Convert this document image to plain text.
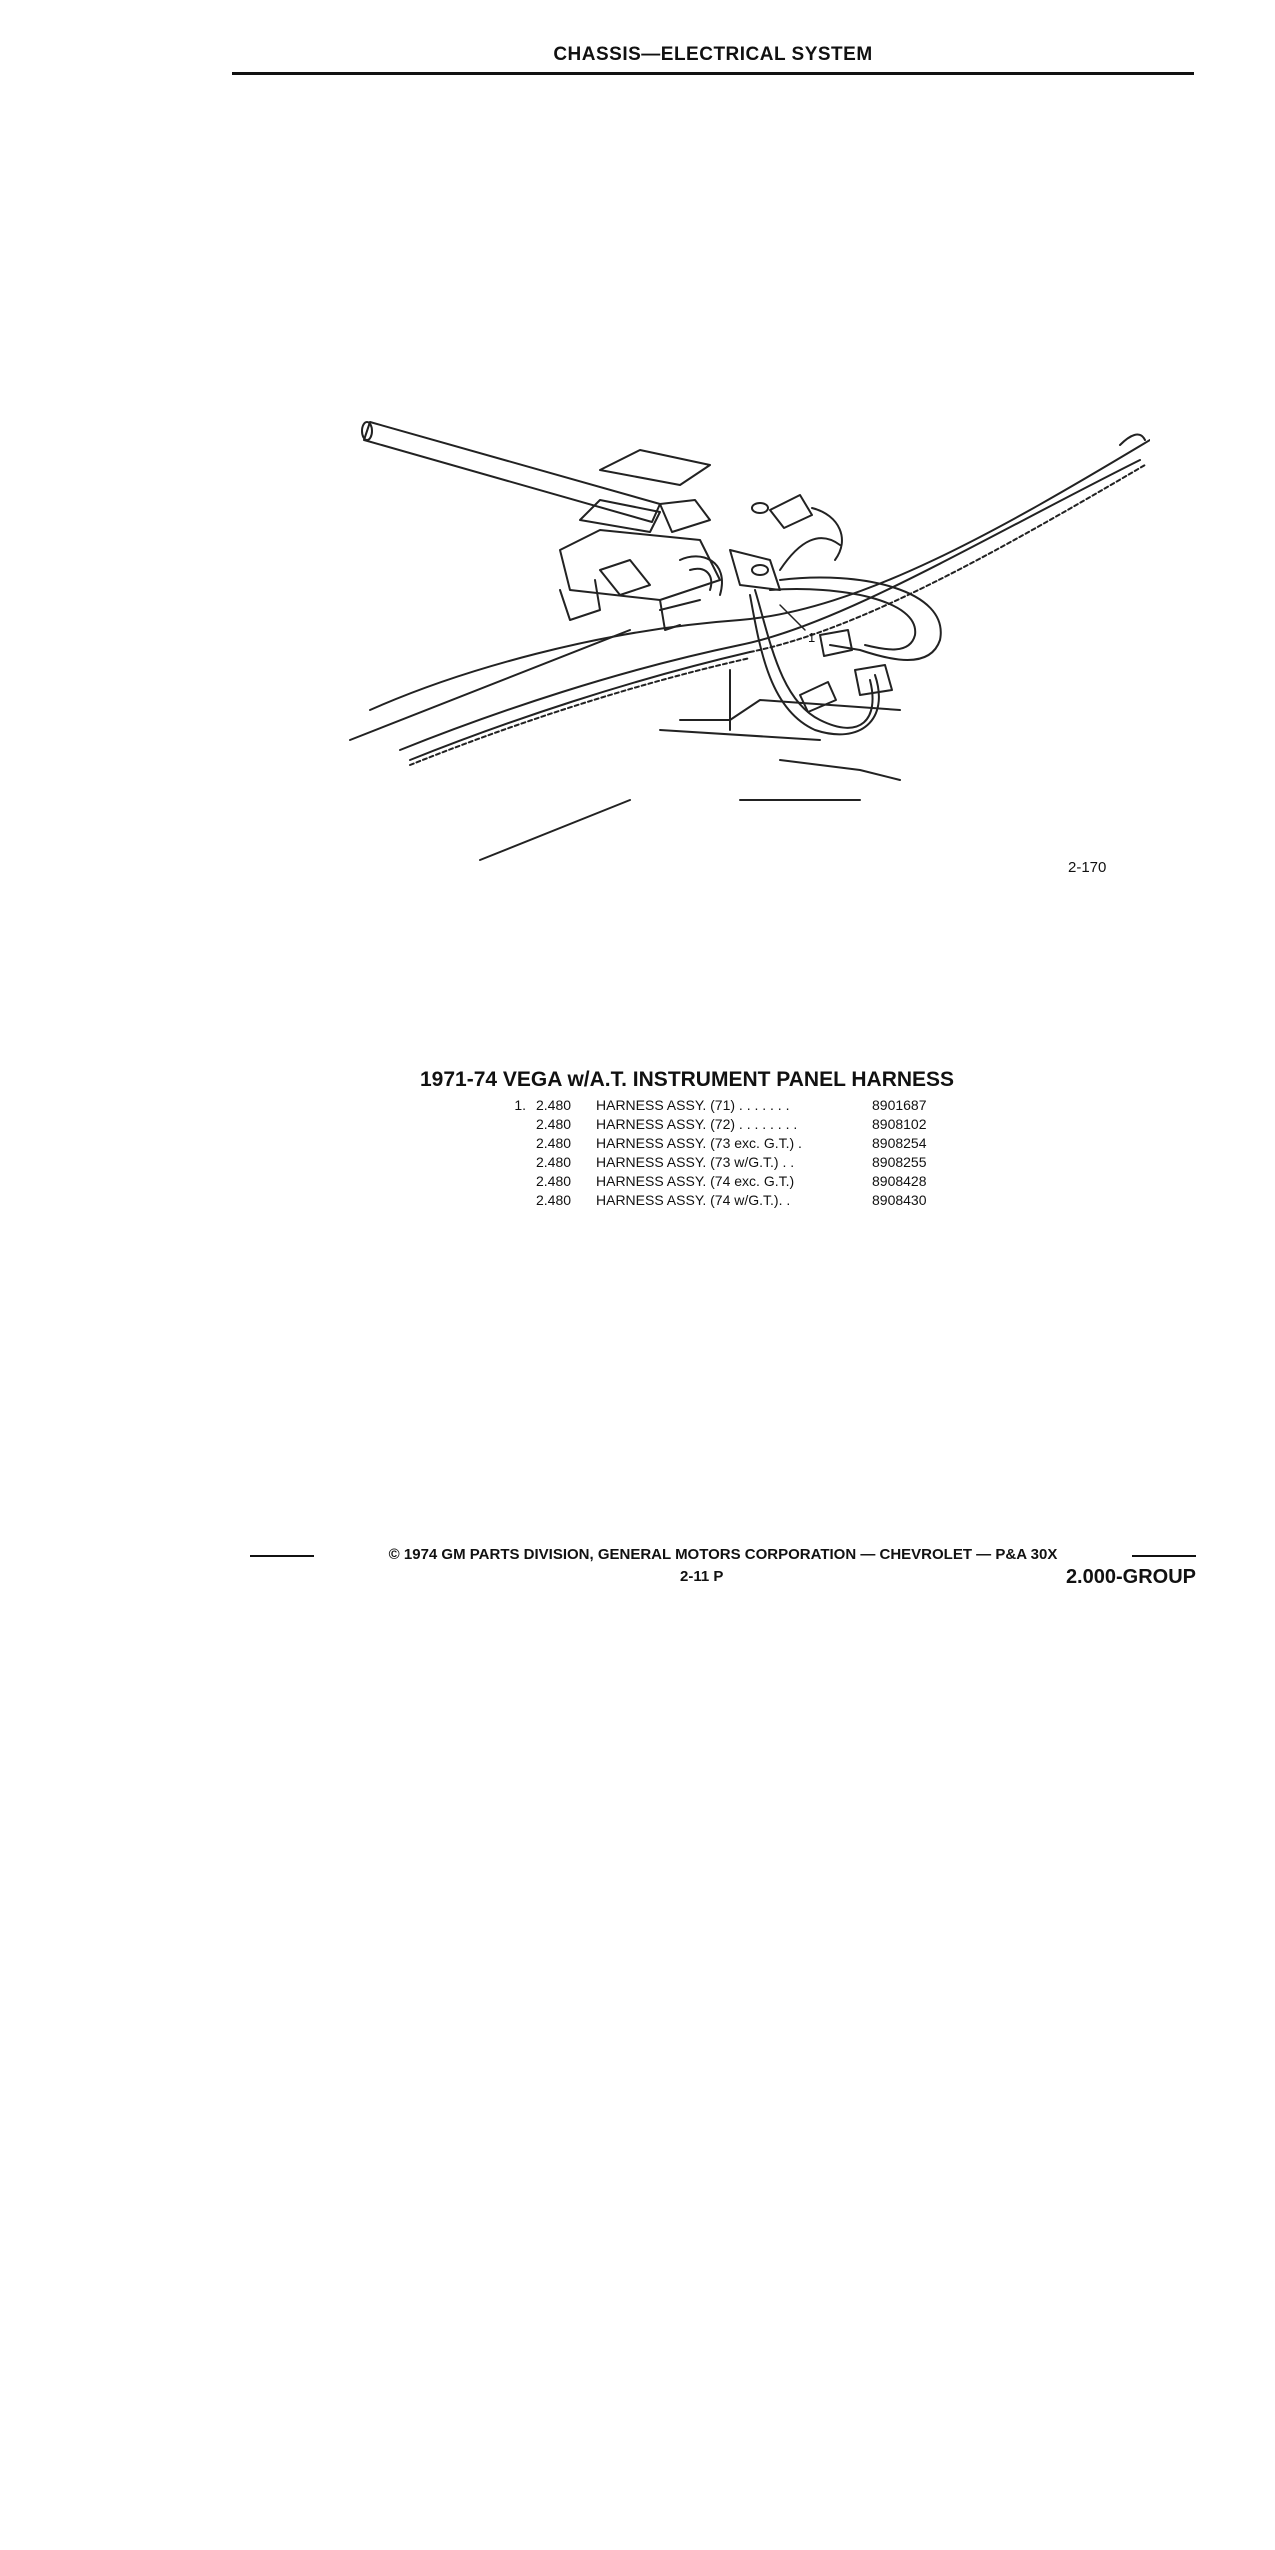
CHASSIS—ELECTRICAL SYSTEM
1
2-170
1971-74 VEGA w/A.T. INSTRUMENT PANEL HARNESS
1.	2.480	HARNESS ASSY. (71) . . . . . . .	8901687
	2.480	HARNESS ASSY. (72) . . . . . . . .	8908102
	2.480	HARNESS ASSY. (73 exc. G.T.) .	8908254
	2.480	HARNESS ASSY. (73 w/G.T.) . .	8908255
	2.480	HARNESS ASSY. (74 exc. G.T.)	8908428
	2.480	HARNESS ASSY. (74 w/G.T.). .	8908430
© 1974 GM PARTS DIVISION, GENERAL MOTORS CORPORATION — CHEVROLET — P&A 30X
2-11 P	2.000-GROUP
